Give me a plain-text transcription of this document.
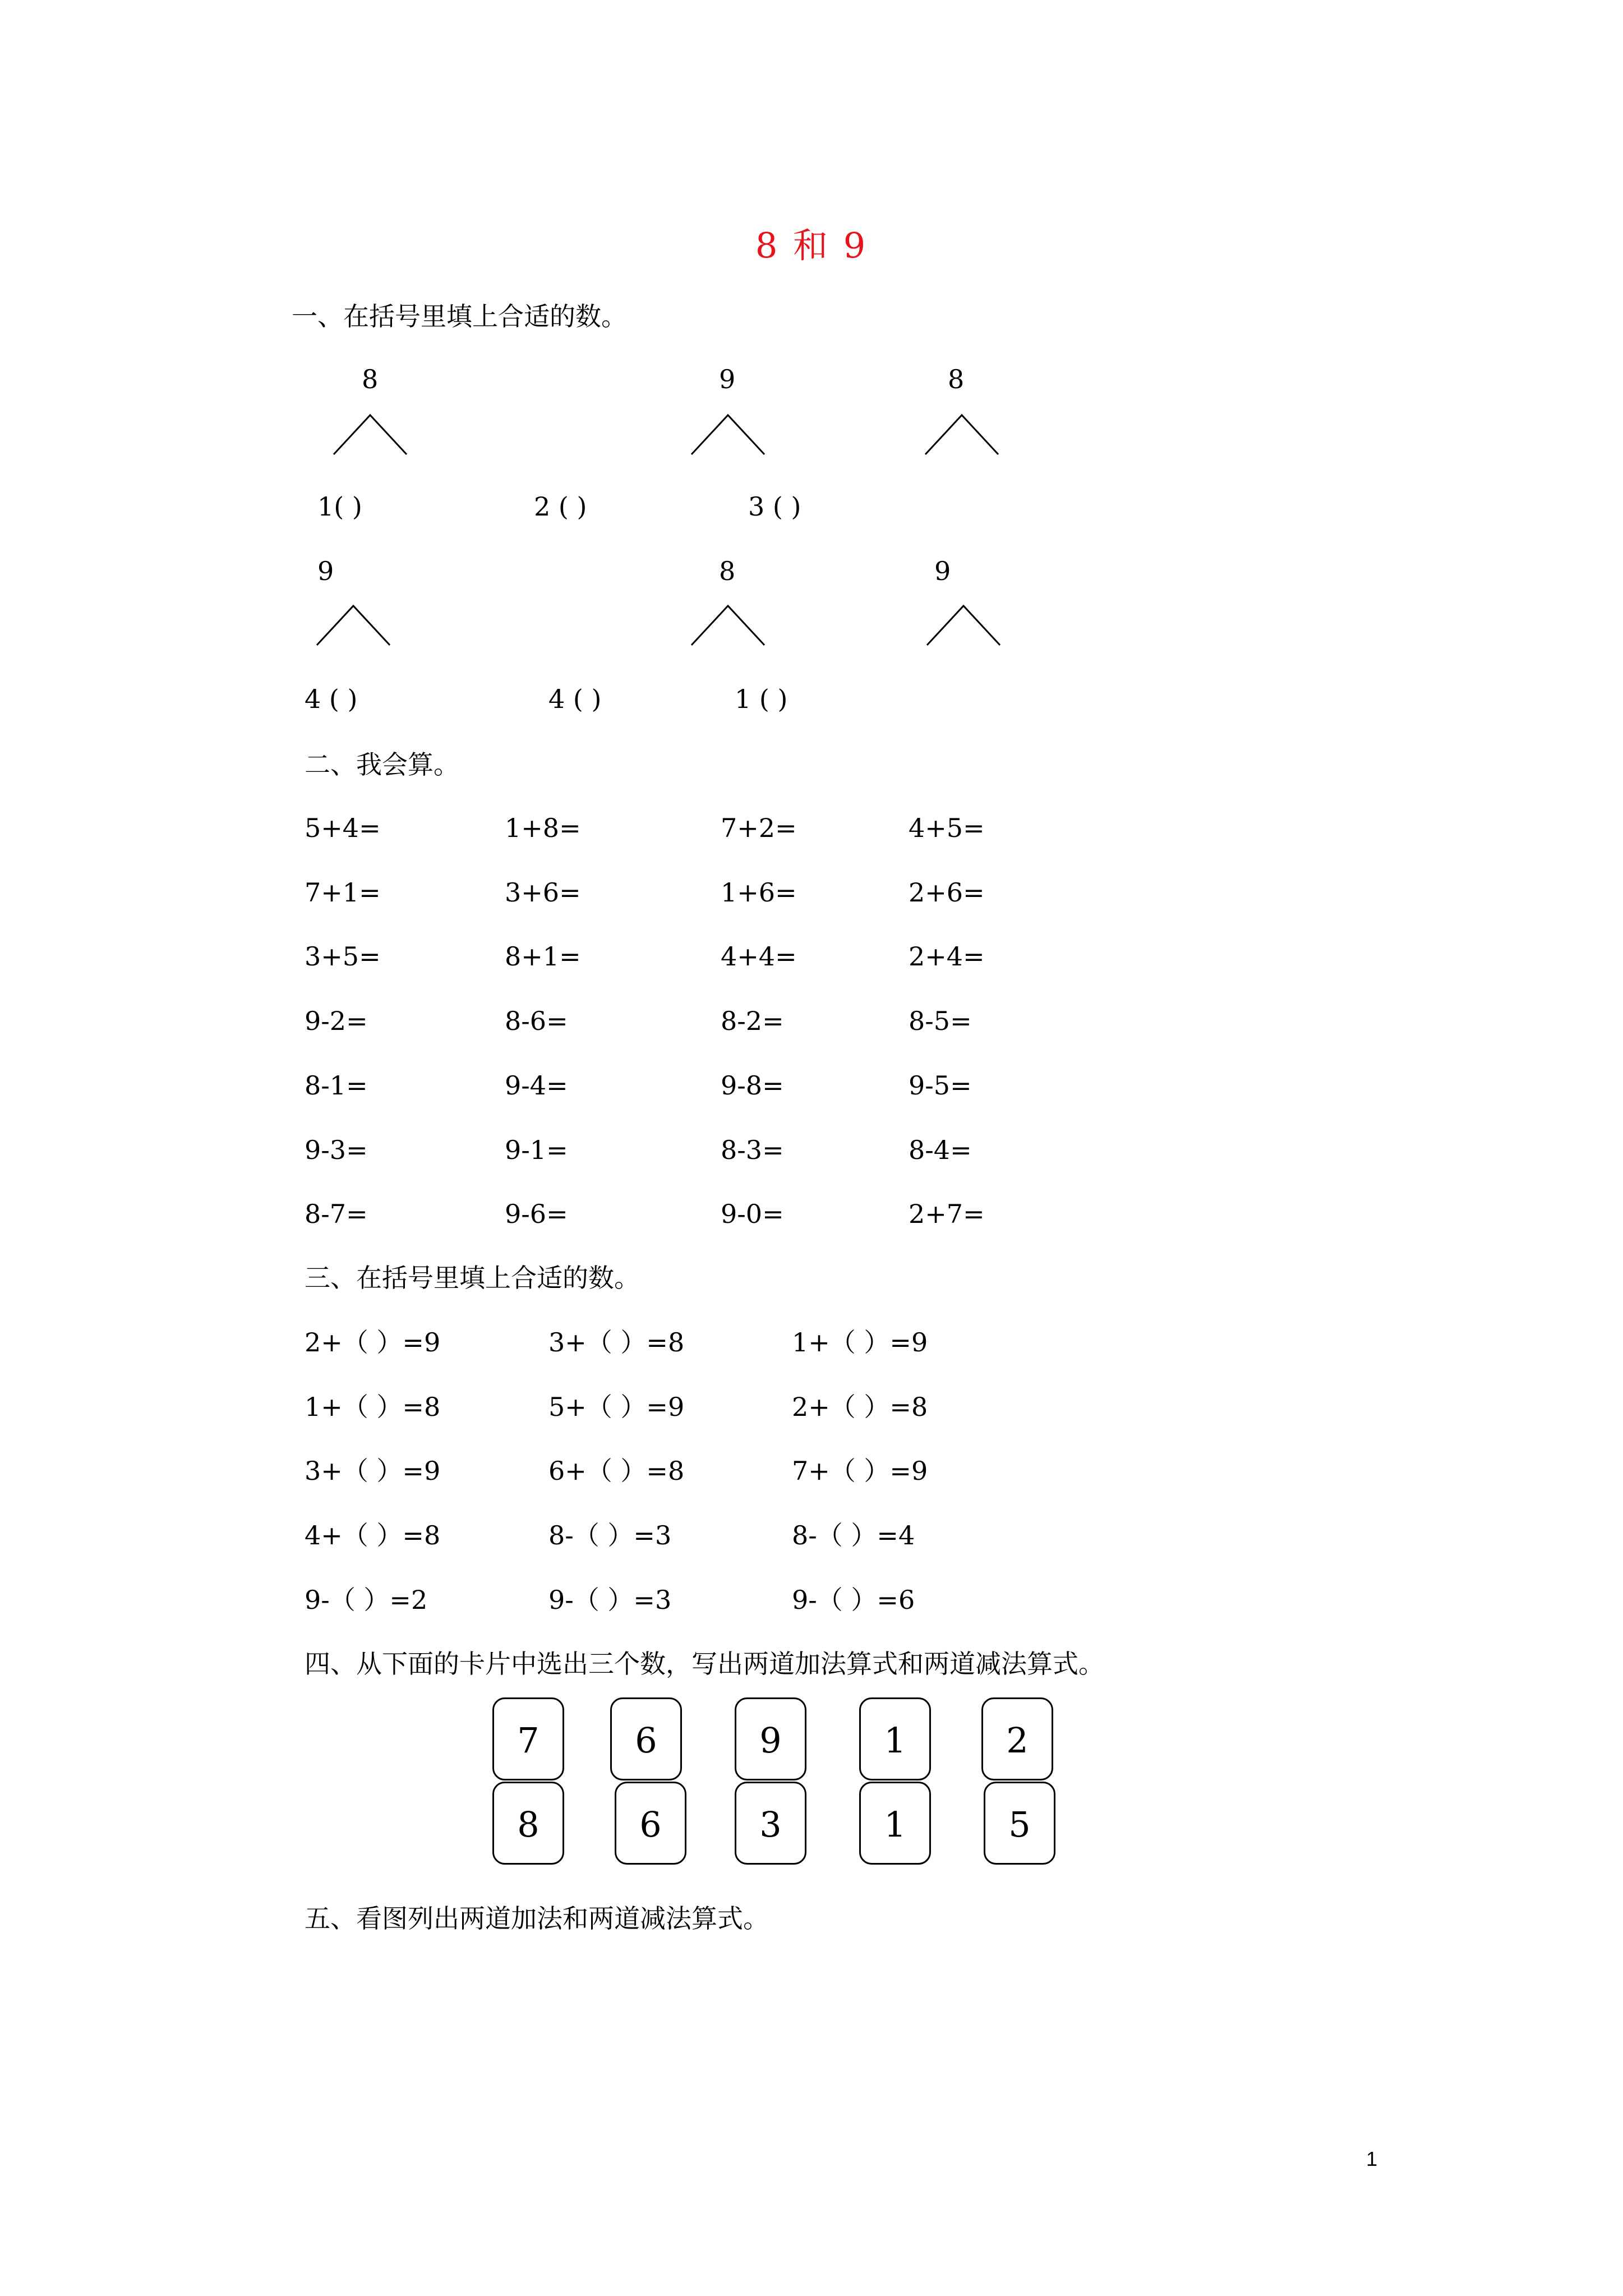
8 和 9
一、在括号里填上合适的数。
8	9	8
1( )	2 ( )	3 ( )
9	8	9
4 ( )	4 ( )	1 ( )
二、我会算。
5+4=	1+8=	7+2=	4+5=
7+1=	3+6=	1+6=	2+6=
3+5=	8+1=	4+4=	2+4=
9-2=	8-6=	8-2=	8-5=
8-1=	9-4=	9-8=	9-5=
9-3=	9-1=	8-3=	8-4=
8-7=	9-6=	9-0=	2+7=
三、在括号里填上合适的数。
2+（ ）=9	3+（ ）=8	1+（ ）=9
1+（ ）=8	5+（ ）=9	2+（ ）=8
3+（ ）=9	6+（ ）=8	7+（ ）=9
4+（ ）=8	8-（ ）=3	8-（ ）=4
9-（ ）=2	9-（ ）=3	9-（ ）=6
四、从下面的卡片中选出三个数，写出两道加法算式和两道减法算式。
7	6	9	1	2
8	6	3	1	5
五、看图列出两道加法和两道减法算式。
1
